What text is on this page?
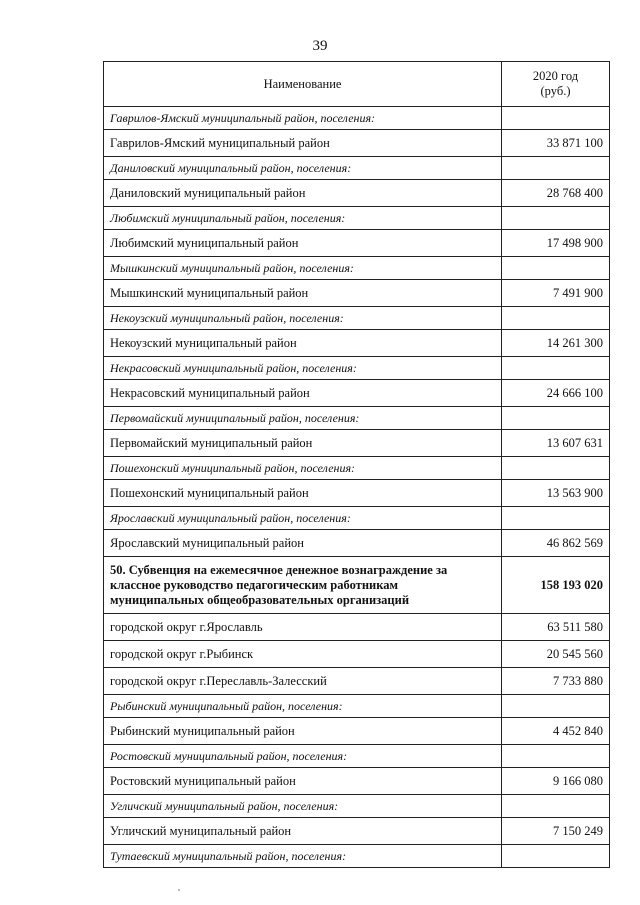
39
Наименование	2020 год
(руб.)

Гаврилов-Ямский муниципальный район, поселения:	
Гаврилов-Ямский муниципальный район	33 871 100
Даниловский муниципальный район, поселения:	
Даниловский муниципальный район	28 768 400
Любимский муниципальный район, поселения:	
Любимский муниципальный район	17 498 900
Мышкинский муниципальный район, поселения:	
Мышкинский муниципальный район	7 491 900
Некоузский муниципальный район, поселения:	
Некоузский муниципальный район	14 261 300
Некрасовский муниципальный район, поселения:	
Некрасовский муниципальный район	24 666 100
Первомайский муниципальный район, поселения:	
Первомайский муниципальный район	13 607 631
Пошехонский муниципальный район, поселения:	
Пошехонский муниципальный район	13 563 900
Ярославский муниципальный район, поселения:	
Ярославский муниципальный район	46 862 569
50. Субвенция на ежемесячное денежное вознаграждение за классное руководство педагогическим работникам муниципальных общеобразовательных организаций	158 193 020
городской округ г.Ярославль	63 511 580
городской округ г.Рыбинск	20 545 560
городской округ г.Переславль-Залесский	7 733 880
Рыбинский муниципальный район, поселения:	
Рыбинский муниципальный район	4 452 840
Ростовский муниципальный район, поселения:	
Ростовский муниципальный район	9 166 080
Угличский муниципальный район, поселения:	
Угличский муниципальный район	7 150 249
Тутаевский муниципальный район, поселения:	
